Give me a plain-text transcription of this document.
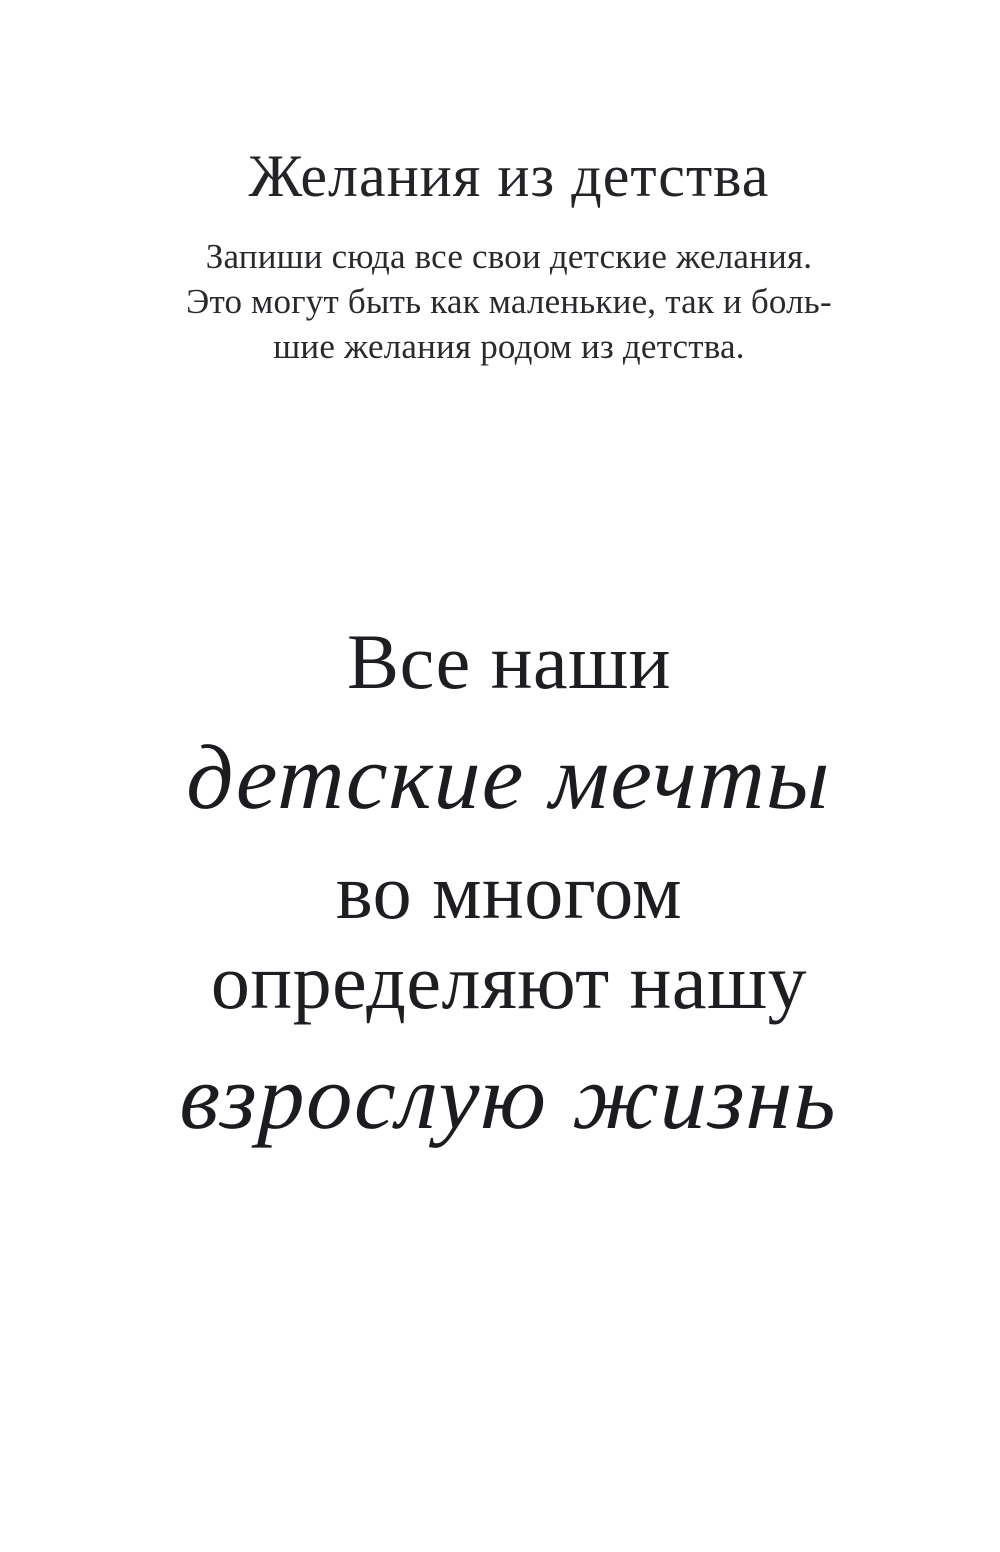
Желания из детства

Запиши сюда все свои детские желания.
Это могут быть как маленькие, так и боль-
шие желания родом из детства.

Все наши
детские мечты
во многом
определяют нашу
взрослую жизнь
